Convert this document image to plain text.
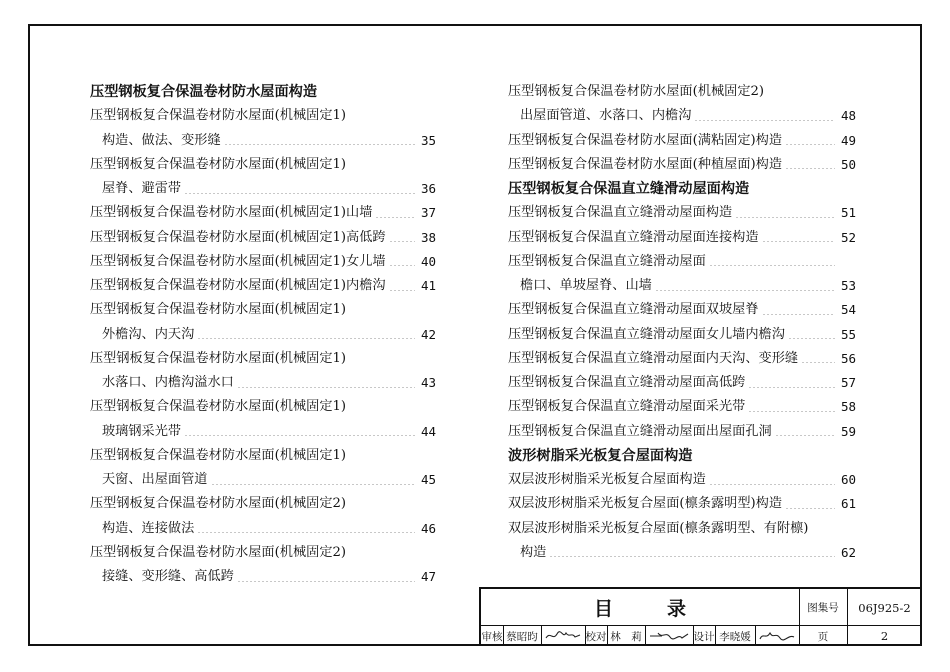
压型钢板复合保温卷材防水屋面构造
压型钢板复合保温卷材防水屋面(机械固定1)
构造、做法、变形缝	35
压型钢板复合保温卷材防水屋面(机械固定1)
屋脊、避雷带	36
压型钢板复合保温卷材防水屋面(机械固定1)山墙	37
压型钢板复合保温卷材防水屋面(机械固定1)高低跨	38
压型钢板复合保温卷材防水屋面(机械固定1)女儿墙	40
压型钢板复合保温卷材防水屋面(机械固定1)内檐沟	41
压型钢板复合保温卷材防水屋面(机械固定1)
外檐沟、内天沟	42
压型钢板复合保温卷材防水屋面(机械固定1)
水落口、内檐沟溢水口	43
压型钢板复合保温卷材防水屋面(机械固定1)
玻璃钢采光带	44
压型钢板复合保温卷材防水屋面(机械固定1)
天窗、出屋面管道	45
压型钢板复合保温卷材防水屋面(机械固定2)
构造、连接做法	46
压型钢板复合保温卷材防水屋面(机械固定2)
接缝、变形缝、高低跨	47
压型钢板复合保温卷材防水屋面(机械固定2)
出屋面管道、水落口、内檐沟	48
压型钢板复合保温卷材防水屋面(满粘固定)构造	49
压型钢板复合保温卷材防水屋面(种植屋面)构造	50
压型钢板复合保温直立缝滑动屋面构造
压型钢板复合保温直立缝滑动屋面构造	51
压型钢板复合保温直立缝滑动屋面连接构造	52
压型钢板复合保温直立缝滑动屋面
檐口、单坡屋脊、山墙	53
压型钢板复合保温直立缝滑动屋面双坡屋脊	54
压型钢板复合保温直立缝滑动屋面女儿墙内檐沟	55
压型钢板复合保温直立缝滑动屋面内天沟、变形缝	56
压型钢板复合保温直立缝滑动屋面高低跨	57
压型钢板复合保温直立缝滑动屋面采光带	58
压型钢板复合保温直立缝滑动屋面出屋面孔洞	59
波形树脂采光板复合屋面构造
双层波形树脂采光板复合屋面构造	60
双层波形树脂采光板复合屋面(檩条露明型)构造	61
双层波形树脂采光板复合屋面(檩条露明型、有附檩)
构造	62
目	录	图集号	06J925-2
审核 蔡昭昀	校对 林　莉	设计 李晓媛	页	2
